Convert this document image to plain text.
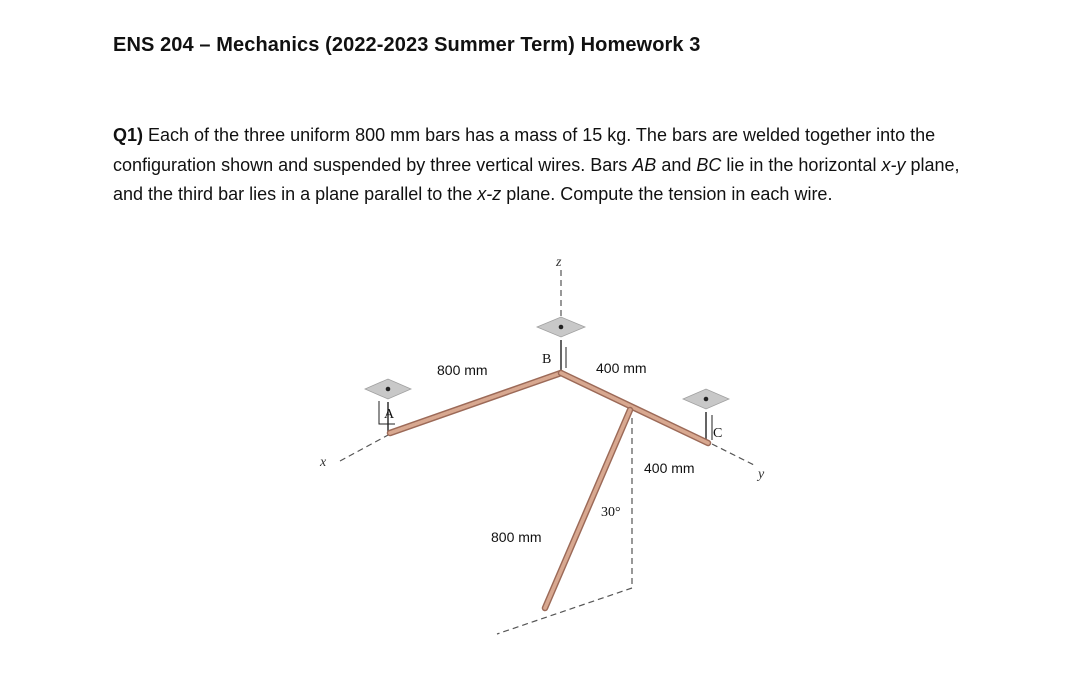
ENS 204 – Mechanics (2022-2023 Summer Term) Homework 3

Q1) Each of the three uniform 800 mm bars has a mass of 15 kg. The bars are welded together into the configuration shown and suspended by three vertical wires. Bars AB and BC lie in the horizontal x-y plane, and the third bar lies in a plane parallel to the x-z plane. Compute the tension in each wire.

x
y
z
A
B
C
800 mm	400 mm
400 mm
800 mm
30°
